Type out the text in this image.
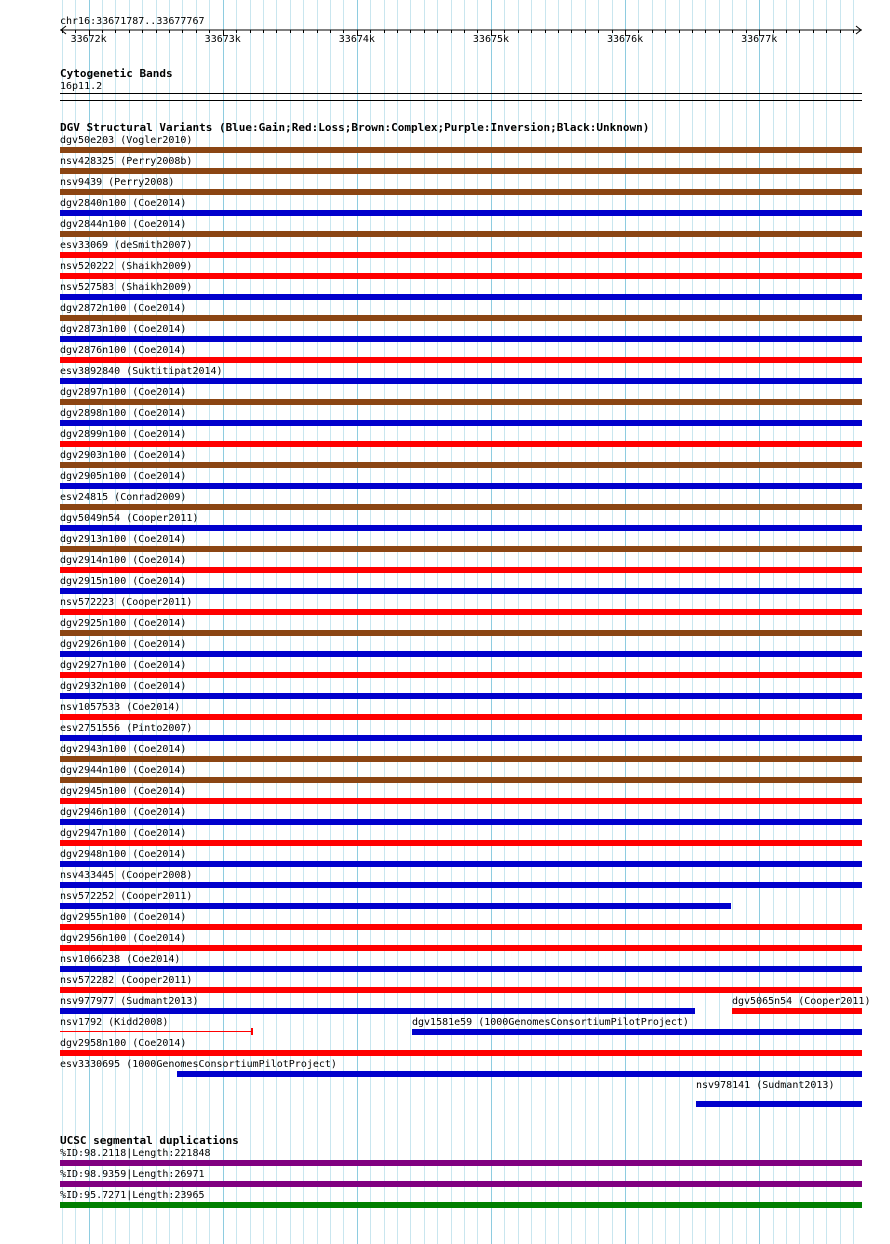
chr16:33671787..33677767
33672k	33673k	33674k	33675k	33676k	33677k
Cytogenetic Bands
16p11.2
DGV Structural Variants (Blue:Gain;Red:Loss;Brown:Complex;Purple:Inversion;Black:Unknown)
dgv50e203 (Vogler2010)
nsv428325 (Perry2008b)
nsv9439 (Perry2008)
dgv2840n100 (Coe2014)
dgv2844n100 (Coe2014)
esv33069 (deSmith2007)
nsv520222 (Shaikh2009)
nsv527583 (Shaikh2009)
dgv2872n100 (Coe2014)
dgv2873n100 (Coe2014)
dgv2876n100 (Coe2014)
esv3892840 (Suktitipat2014)
dgv2897n100 (Coe2014)
dgv2898n100 (Coe2014)
dgv2899n100 (Coe2014)
dgv2903n100 (Coe2014)
dgv2905n100 (Coe2014)
esv24815 (Conrad2009)
dgv5049n54 (Cooper2011)
dgv2913n100 (Coe2014)
dgv2914n100 (Coe2014)
dgv2915n100 (Coe2014)
nsv572223 (Cooper2011)
dgv2925n100 (Coe2014)
dgv2926n100 (Coe2014)
dgv2927n100 (Coe2014)
dgv2932n100 (Coe2014)
nsv1057533 (Coe2014)
esv2751556 (Pinto2007)
dgv2943n100 (Coe2014)
dgv2944n100 (Coe2014)
dgv2945n100 (Coe2014)
dgv2946n100 (Coe2014)
dgv2947n100 (Coe2014)
dgv2948n100 (Coe2014)
nsv433445 (Cooper2008)
nsv572252 (Cooper2011)
dgv2955n100 (Coe2014)
dgv2956n100 (Coe2014)
nsv1066238 (Coe2014)
nsv572282 (Cooper2011)
nsv977977 (Sudmant2013)	dgv5065n54 (Cooper2011)
nsv1792 (Kidd2008)	dgv1581e59 (1000GenomesConsortiumPilotProject)
dgv2958n100 (Coe2014)
esv3330695 (1000GenomesConsortiumPilotProject)
nsv978141 (Sudmant2013)
UCSC segmental duplications
%ID:98.2118|Length:221848
%ID:98.9359|Length:26971
%ID:95.7271|Length:23965
